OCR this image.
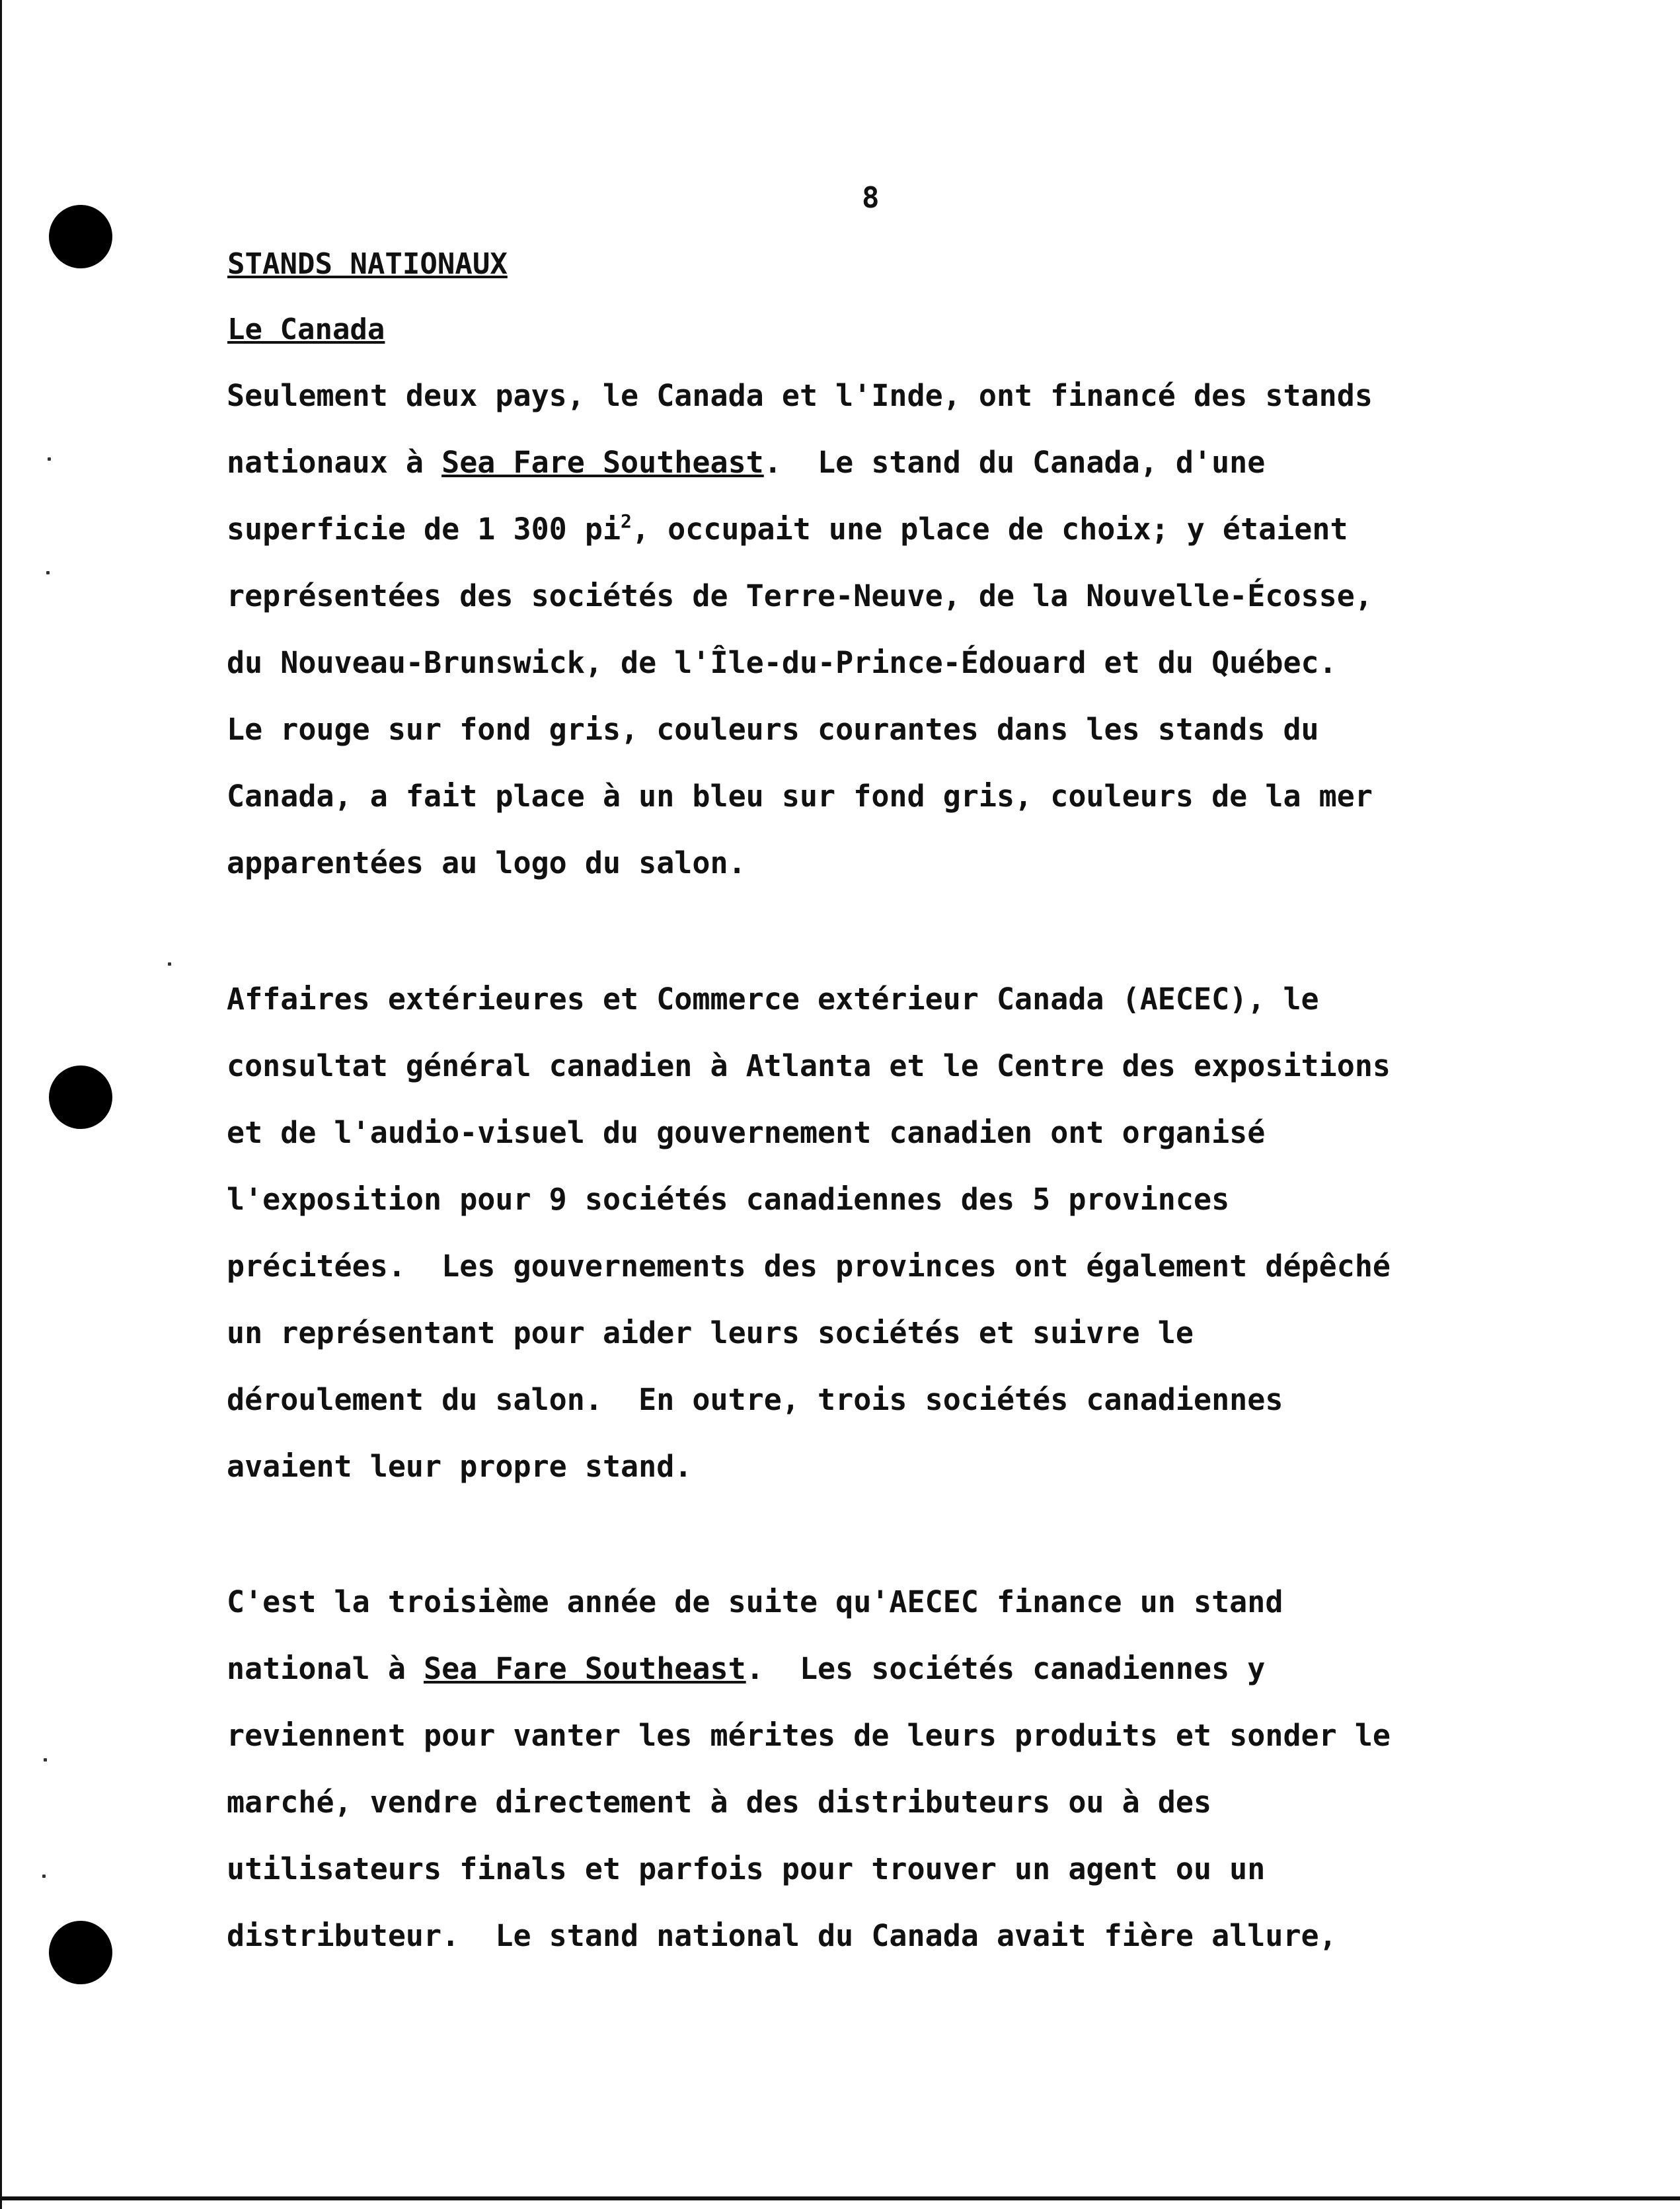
8
STANDS NATIONAUX
Le Canada
Seulement deux pays, le Canada et l'Inde, ont financé des stands
nationaux à Sea Fare Southeast.  Le stand du Canada, d'une
superficie de 1 300 $pi^2$, occupait une place de choix; y étaient
représentées des sociétés de Terre-Neuve, de la Nouvelle-Écosse,
du Nouveau-Brunswick, de l'Île-du-Prince-Édouard et du Québec.
Le rouge sur fond gris, couleurs courantes dans les stands du
Canada, a fait place à un bleu sur fond gris, couleurs de la mer
apparentées au logo du salon.
Affaires extérieures et Commerce extérieur Canada (AECEC), le
consultat général canadien à Atlanta et le Centre des expositions
et de l'audio-visuel du gouvernement canadien ont organisé
l'exposition pour 9 sociétés canadiennes des 5 provinces
précitées.  Les gouvernements des provinces ont également dépêché
un représentant pour aider leurs sociétés et suivre le
déroulement du salon.  En outre, trois sociétés canadiennes
avaient leur propre stand.
C'est la troisième année de suite qu'AECEC finance un stand
national à Sea Fare Southeast.  Les sociétés canadiennes y
reviennent pour vanter les mérites de leurs produits et sonder le
marché, vendre directement à des distributeurs ou à des
utilisateurs finals et parfois pour trouver un agent ou un
distributeur.  Le stand national du Canada avait fière allure,
